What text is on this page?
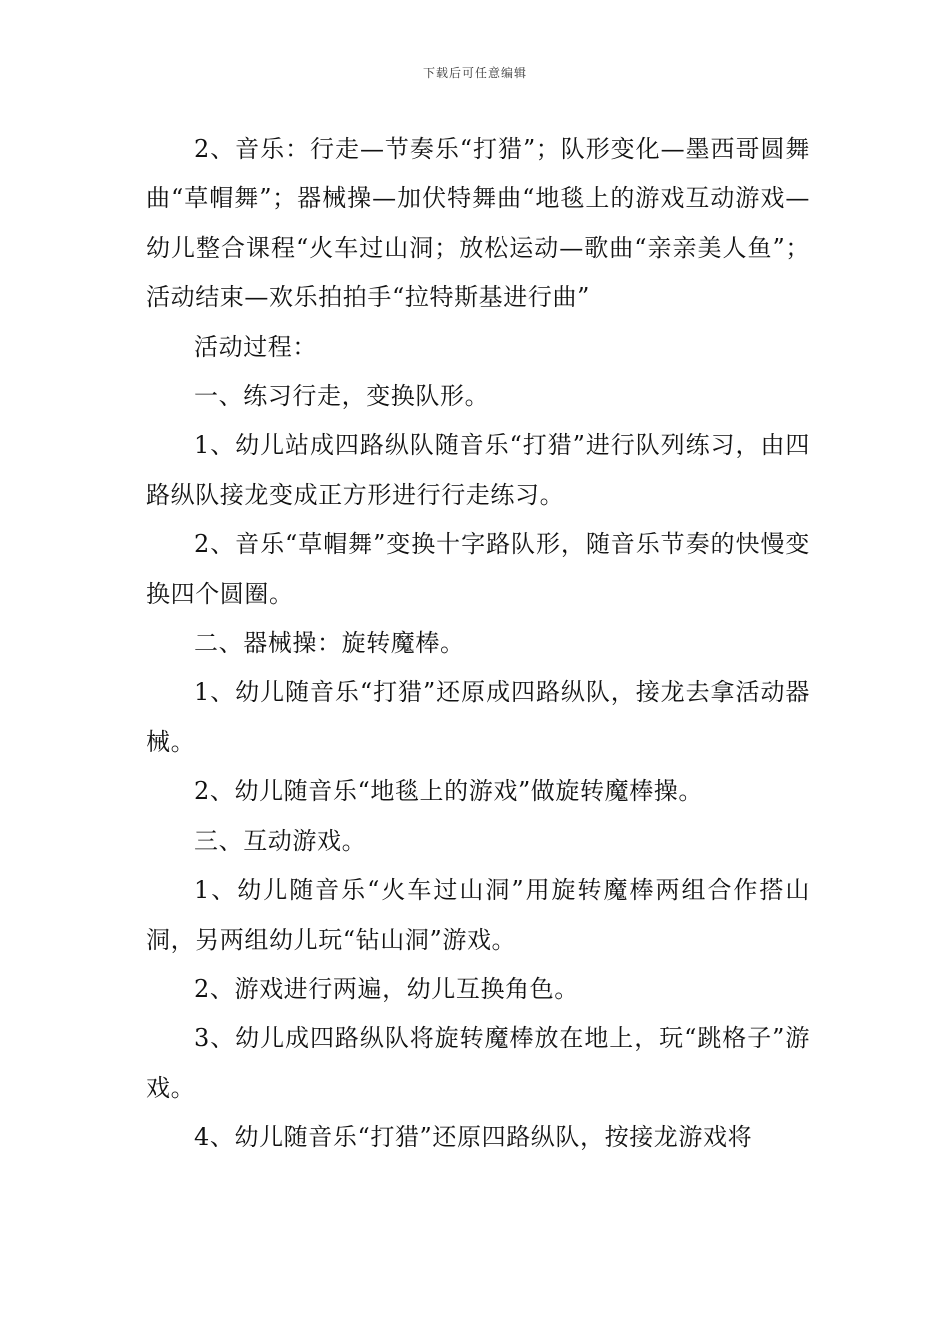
下载后可任意编辑

2、音乐：行走—节奏乐“打猎”；队形变化—墨西哥圆舞曲“草帽舞”；器械操—加伏特舞曲“地毯上的游戏互动游戏—幼儿整合课程“火车过山洞；放松运动—歌曲“亲亲美人鱼”；活动结束—欢乐拍拍手“拉特斯基进行曲”

活动过程：

一、练习行走，变换队形。

1、幼儿站成四路纵队随音乐“打猎”进行队列练习，由四路纵队接龙变成正方形进行行走练习。

2、音乐“草帽舞”变换十字路队形，随音乐节奏的快慢变换四个圆圈。

二、器械操：旋转魔棒。

1、幼儿随音乐“打猎”还原成四路纵队，接龙去拿活动器械。

2、幼儿随音乐“地毯上的游戏”做旋转魔棒操。

三、互动游戏。

1、幼儿随音乐“火车过山洞”用旋转魔棒两组合作搭山洞，另两组幼儿玩“钻山洞”游戏。

2、游戏进行两遍，幼儿互换角色。

3、幼儿成四路纵队将旋转魔棒放在地上，玩“跳格子”游戏。

4、幼儿随音乐“打猎”还原四路纵队，按接龙游戏将
